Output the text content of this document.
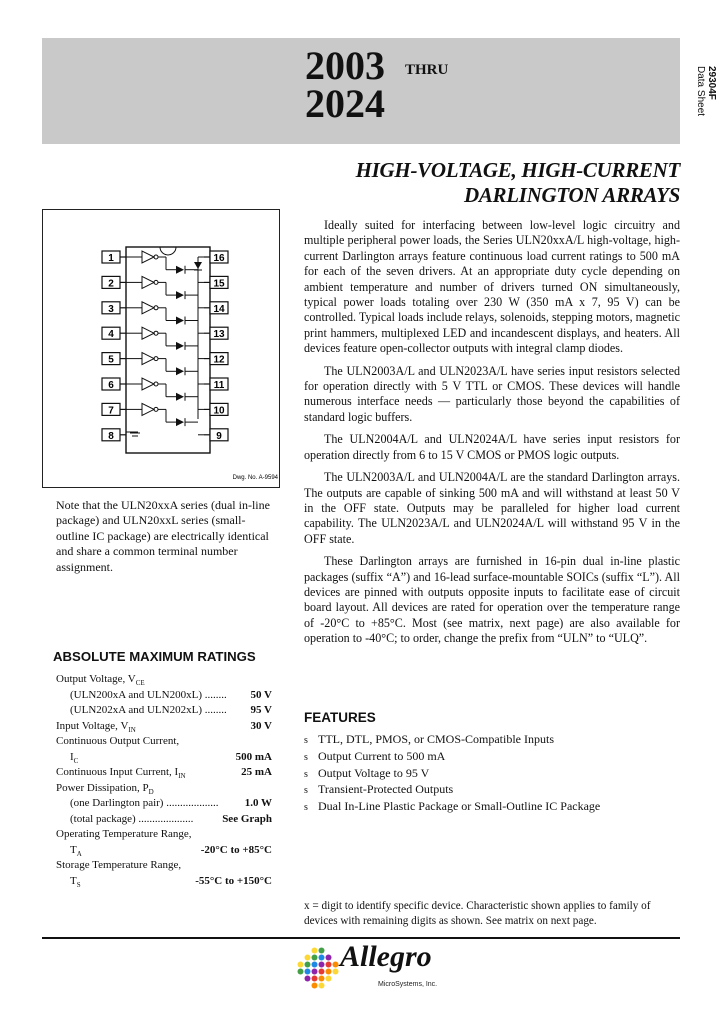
2003 THRU
2024	Data Sheet 29304F
HIGH-VOLTAGE, HIGH-CURRENT
DARLINGTON ARRAYS
1	16
2	15
3	14
4	13
5	12
6	11
7	10
8	9
Dwg. No. A-9594
Note that the ULN20xxA series (dual in-line package) and ULN20xxL series (small-outline IC package) are electrically identical and share a common terminal number assignment.
ABSOLUTE MAXIMUM RATINGS
Output Voltage, $V_{CE}$
(ULN200xA and ULN200xL) ........ 50 V
(ULN202xA and ULN202xL) ........ 95 V
Input Voltage, $V_{IN}$	30 V
Continuous Output Current,
$I_C$	500 mA
Continuous Input Current, $I_{IN}$	25 mA
Power Dissipation, $P_D$
(one Darlington pair) ................... 1.0 W
(total package) ....................	See Graph
Operating Temperature Range,
$T_A$	-20°C to +85°C
Storage Temperature Range,
$T_S$	-55°C to +150°C

Ideally suited for interfacing between low-level logic circuitry and multiple peripheral power loads, the Series ULN20xxA/L high-voltage, high-current Darlington arrays feature continuous load current ratings to 500 mA for each of the seven drivers. At an appropriate duty cycle depending on ambient temperature and number of drivers turned ON simultaneously, typical power loads totaling over 230 W (350 mA x 7, 95 V) can be controlled. Typical loads include relays, solenoids, stepping motors, magnetic print hammers, multiplexed LED and incandescent displays, and heaters. All devices feature open-collector outputs with integral clamp diodes.

The ULN2003A/L and ULN2023A/L have series input resistors selected for operation directly with 5 V TTL or CMOS. These devices will handle numerous interface needs — particularly those beyond the capabilities of standard logic buffers.

The ULN2004A/L and ULN2024A/L have series input resistors for operation directly from 6 to 15 V CMOS or PMOS logic outputs.

The ULN2003A/L and ULN2004A/L are the standard Darlington arrays. The outputs are capable of sinking 500 mA and will withstand at least 50 V in the OFF state. Outputs may be paralleled for higher load current capability. The ULN2023A/L and ULN2024A/L will withstand 95 V in the OFF state.

These Darlington arrays are furnished in 16-pin dual in-line plastic packages (suffix “A”) and 16-lead surface-mountable SOICs (suffix “L”). All devices are pinned with outputs opposite inputs to facilitate ease of circuit board layout. All devices are rated for operation over the temperature range of -20°C to +85°C. Most (see matrix, next page) are also available for operation to -40°C; to order, change the prefix from “ULN” to “ULQ”.

FEATURES
s TTL, DTL, PMOS, or CMOS-Compatible Inputs
s Output Current to 500 mA
s Output Voltage to 95 V
s Transient-Protected Outputs
s Dual In-Line Plastic Package or Small-Outline IC Package
x = digit to identify specific device. Characteristic shown applies to family of devices with remaining digits as shown. See matrix on next page.
Allegro
MicroSystems, Inc.
